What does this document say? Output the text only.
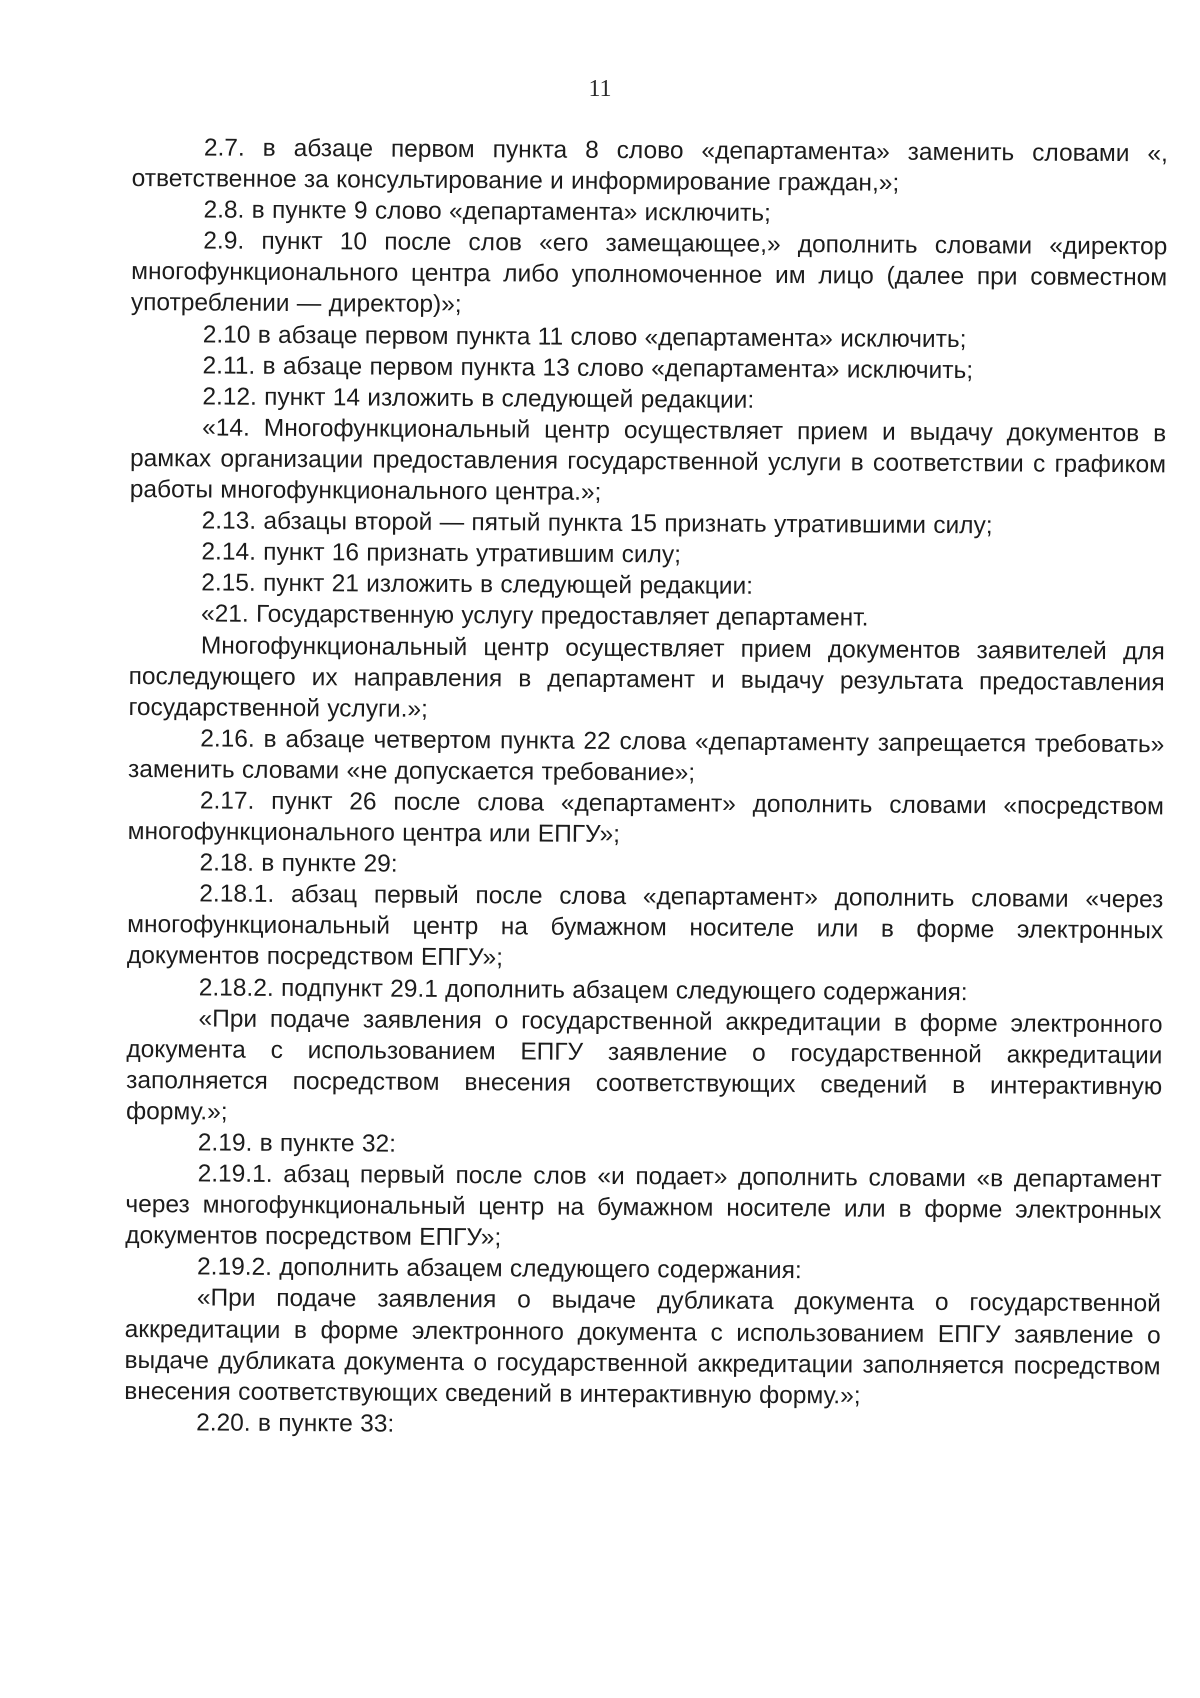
11

2.7. в абзаце первом пункта 8 слово «департамента» заменить словами «, ответственное за консультирование и информирование граждан,»;

2.8. в пункте 9 слово «департамента» исключить;

2.9. пункт 10 после слов «его замещающее,» дополнить словами «директор многофункционального центра либо уполномоченное им лицо (далее при совместном употреблении — директор)»;

2.10 в абзаце первом пункта 11 слово «департамента» исключить;

2.11. в абзаце первом пункта 13 слово «департамента» исключить;

2.12. пункт 14 изложить в следующей редакции:

«14. Многофункциональный центр осуществляет прием и выдачу документов в рамках организации предоставления государственной услуги в соответствии с графиком работы многофункционального центра.»;

2.13. абзацы второй — пятый пункта 15 признать утратившими силу;

2.14. пункт 16 признать утратившим силу;

2.15. пункт 21 изложить в следующей редакции:

«21. Государственную услугу предоставляет департамент.

Многофункциональный центр осуществляет прием документов заявителей для последующего их направления в департамент и выдачу результата предоставления государственной услуги.»;

2.16. в абзаце четвертом пункта 22 слова «департаменту запрещается требовать» заменить словами «не допускается требование»;

2.17. пункт 26 после слова «департамент» дополнить словами «посредством многофункционального центра или ЕПГУ»;

2.18. в пункте 29:

2.18.1. абзац первый после слова «департамент» дополнить словами «через многофункциональный центр на бумажном носителе или в форме электронных документов посредством ЕПГУ»;

2.18.2. подпункт 29.1 дополнить абзацем следующего содержания:

«При подаче заявления о государственной аккредитации в форме электронного документа с использованием ЕПГУ заявление о государственной аккредитации заполняется посредством внесения соответствующих сведений в интерактивную форму.»;

2.19. в пункте 32:

2.19.1. абзац первый после слов «и подает» дополнить словами «в департамент через многофункциональный центр на бумажном носителе или в форме электронных документов посредством ЕПГУ»;

2.19.2. дополнить абзацем следующего содержания:

«При подаче заявления о выдаче дубликата документа о государственной аккредитации в форме электронного документа с использованием ЕПГУ заявление о выдаче дубликата документа о государственной аккредитации заполняется посредством внесения соответствующих сведений в интерактивную форму.»;

2.20. в пункте 33:
